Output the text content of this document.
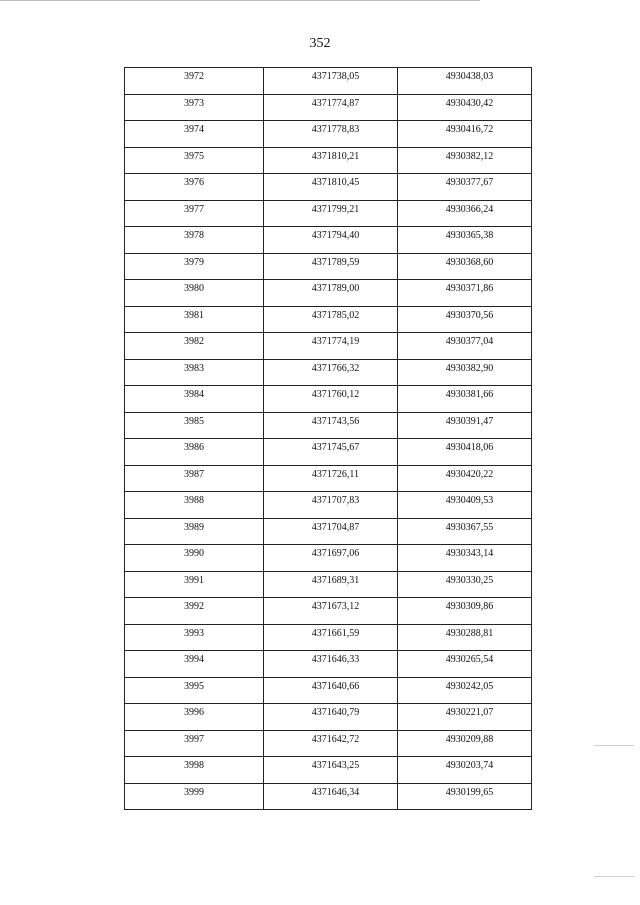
352
3972	4371738,05	4930438,03
3973	4371774,87	4930430,42
3974	4371778,83	4930416,72
3975	4371810,21	4930382,12
3976	4371810,45	4930377,67
3977	4371799,21	4930366,24
3978	4371794,40	4930365,38
3979	4371789,59	4930368,60
3980	4371789,00	4930371,86
3981	4371785,02	4930370,56
3982	4371774,19	4930377,04
3983	4371766,32	4930382,90
3984	4371760,12	4930381,66
3985	4371743,56	4930391,47
3986	4371745,67	4930418,06
3987	4371726,11	4930420,22
3988	4371707,83	4930409,53
3989	4371704,87	4930367,55
3990	4371697,06	4930343,14
3991	4371689,31	4930330,25
3992	4371673,12	4930309,86
3993	4371661,59	4930288,81
3994	4371646,33	4930265,54
3995	4371640,66	4930242,05
3996	4371640,79	4930221,07
3997	4371642,72	4930209,88
3998	4371643,25	4930203,74
3999	4371646,34	4930199,65
